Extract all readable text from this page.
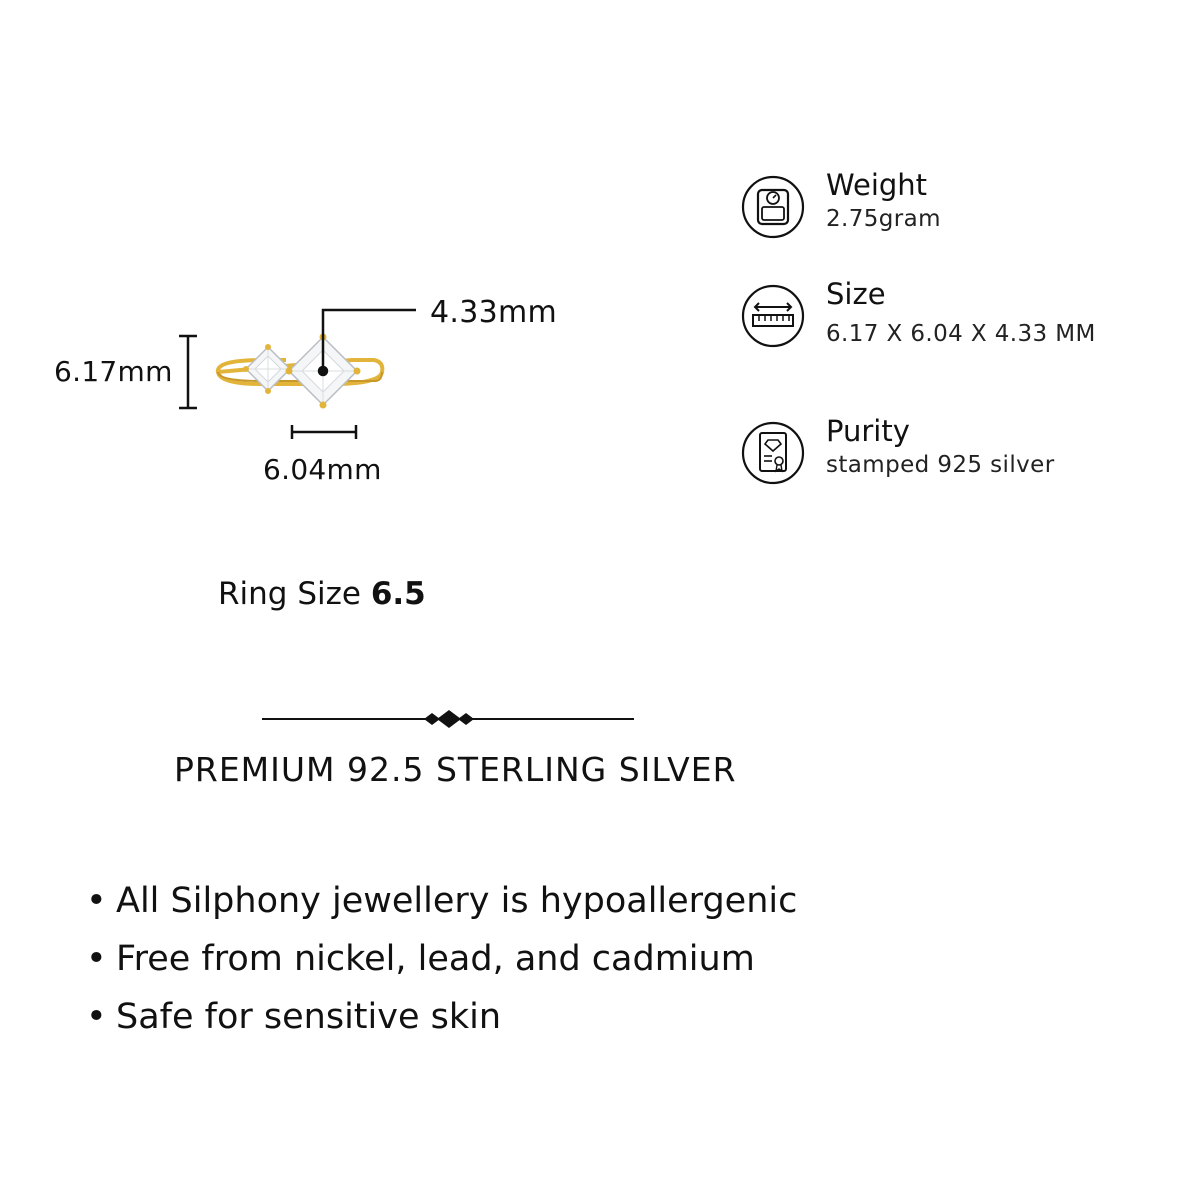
6.17mm
4.33mm
6.04mm
Ring Size 6.5
PREMIUM 92.5 STERLING SILVER
• All Silphony jewellery is hypoallergenic
• Free from nickel, lead, and cadmium
• Safe for sensitive skin
Weight
2.75gram
Size
6.17 X 6.04 X 4.33 MM
Purity
stamped 925 silver
